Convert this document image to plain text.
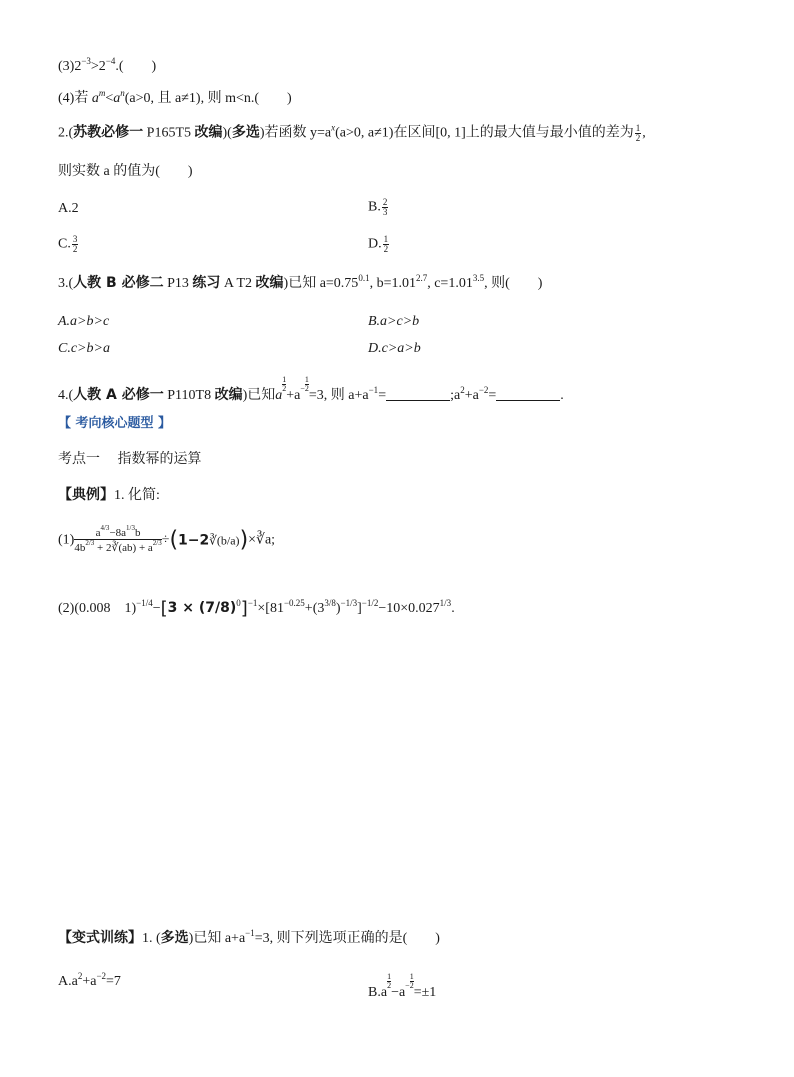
$(3)2^{-3}>2^{-4}$.(　　)
(4)若 $a^m<a^n(a>0$, 且 a≠1), 则 m<n.(　　)
2.(苏教必修一 P165T5 改编)(多选)若函数 $y=a^x(a>0$, a≠1)在区间[0, 1]上的最大值与最小值的差为 $\frac{1}{2}$ ,
则实数 a 的值为(　　)
A.2	B. $\frac{2}{3}$
C. $\frac{3}{2}$	D. $\frac{1}{2}$
3.(人教 B 必修二 P13 练习 A T2 改编)已知 $a=0.75^{0.1}$, $b=1.01^{2.7}$, $c=1.01^{3.5}$, 则(　　)
A.a>b>c	B.a>c>b
C.c>b>a	D.c>a>b
4.(人教 A 必修一 P110T8 改编)已知a
$\frac{1}{2}$
$+a - \frac{1}{2}$
=3, 则 $a+a^{-1}=$	$;a^2+a^{-2}=$	.
【 考向核心题型 】
考点一　 指数幂的运算
【典例】1. 化简:
$(1) \frac{a^{4/3}-8a^{1/3}b}{4b^{2/3} + 2∛(ab) + a^{2/3}}$ ÷(1−2∛(b/a))×∛a;
(2)(0.008　$1)^{-1/4}-[3 \times (7/8)^0]^{-1}\times[81^{-0.25}+(3^{3/8})^{-1/3}]^{-1/2}-10\times 0.027^{1/3}$.
【变式训练】1. (多选)已知 $a+a^{-1}=3$, 则下列选项正确的是(　　)
$A.a^2+a^{-2}=7$
B.a
$\frac{1}{2}$
$-a - \frac{1}{2}$
=±1
